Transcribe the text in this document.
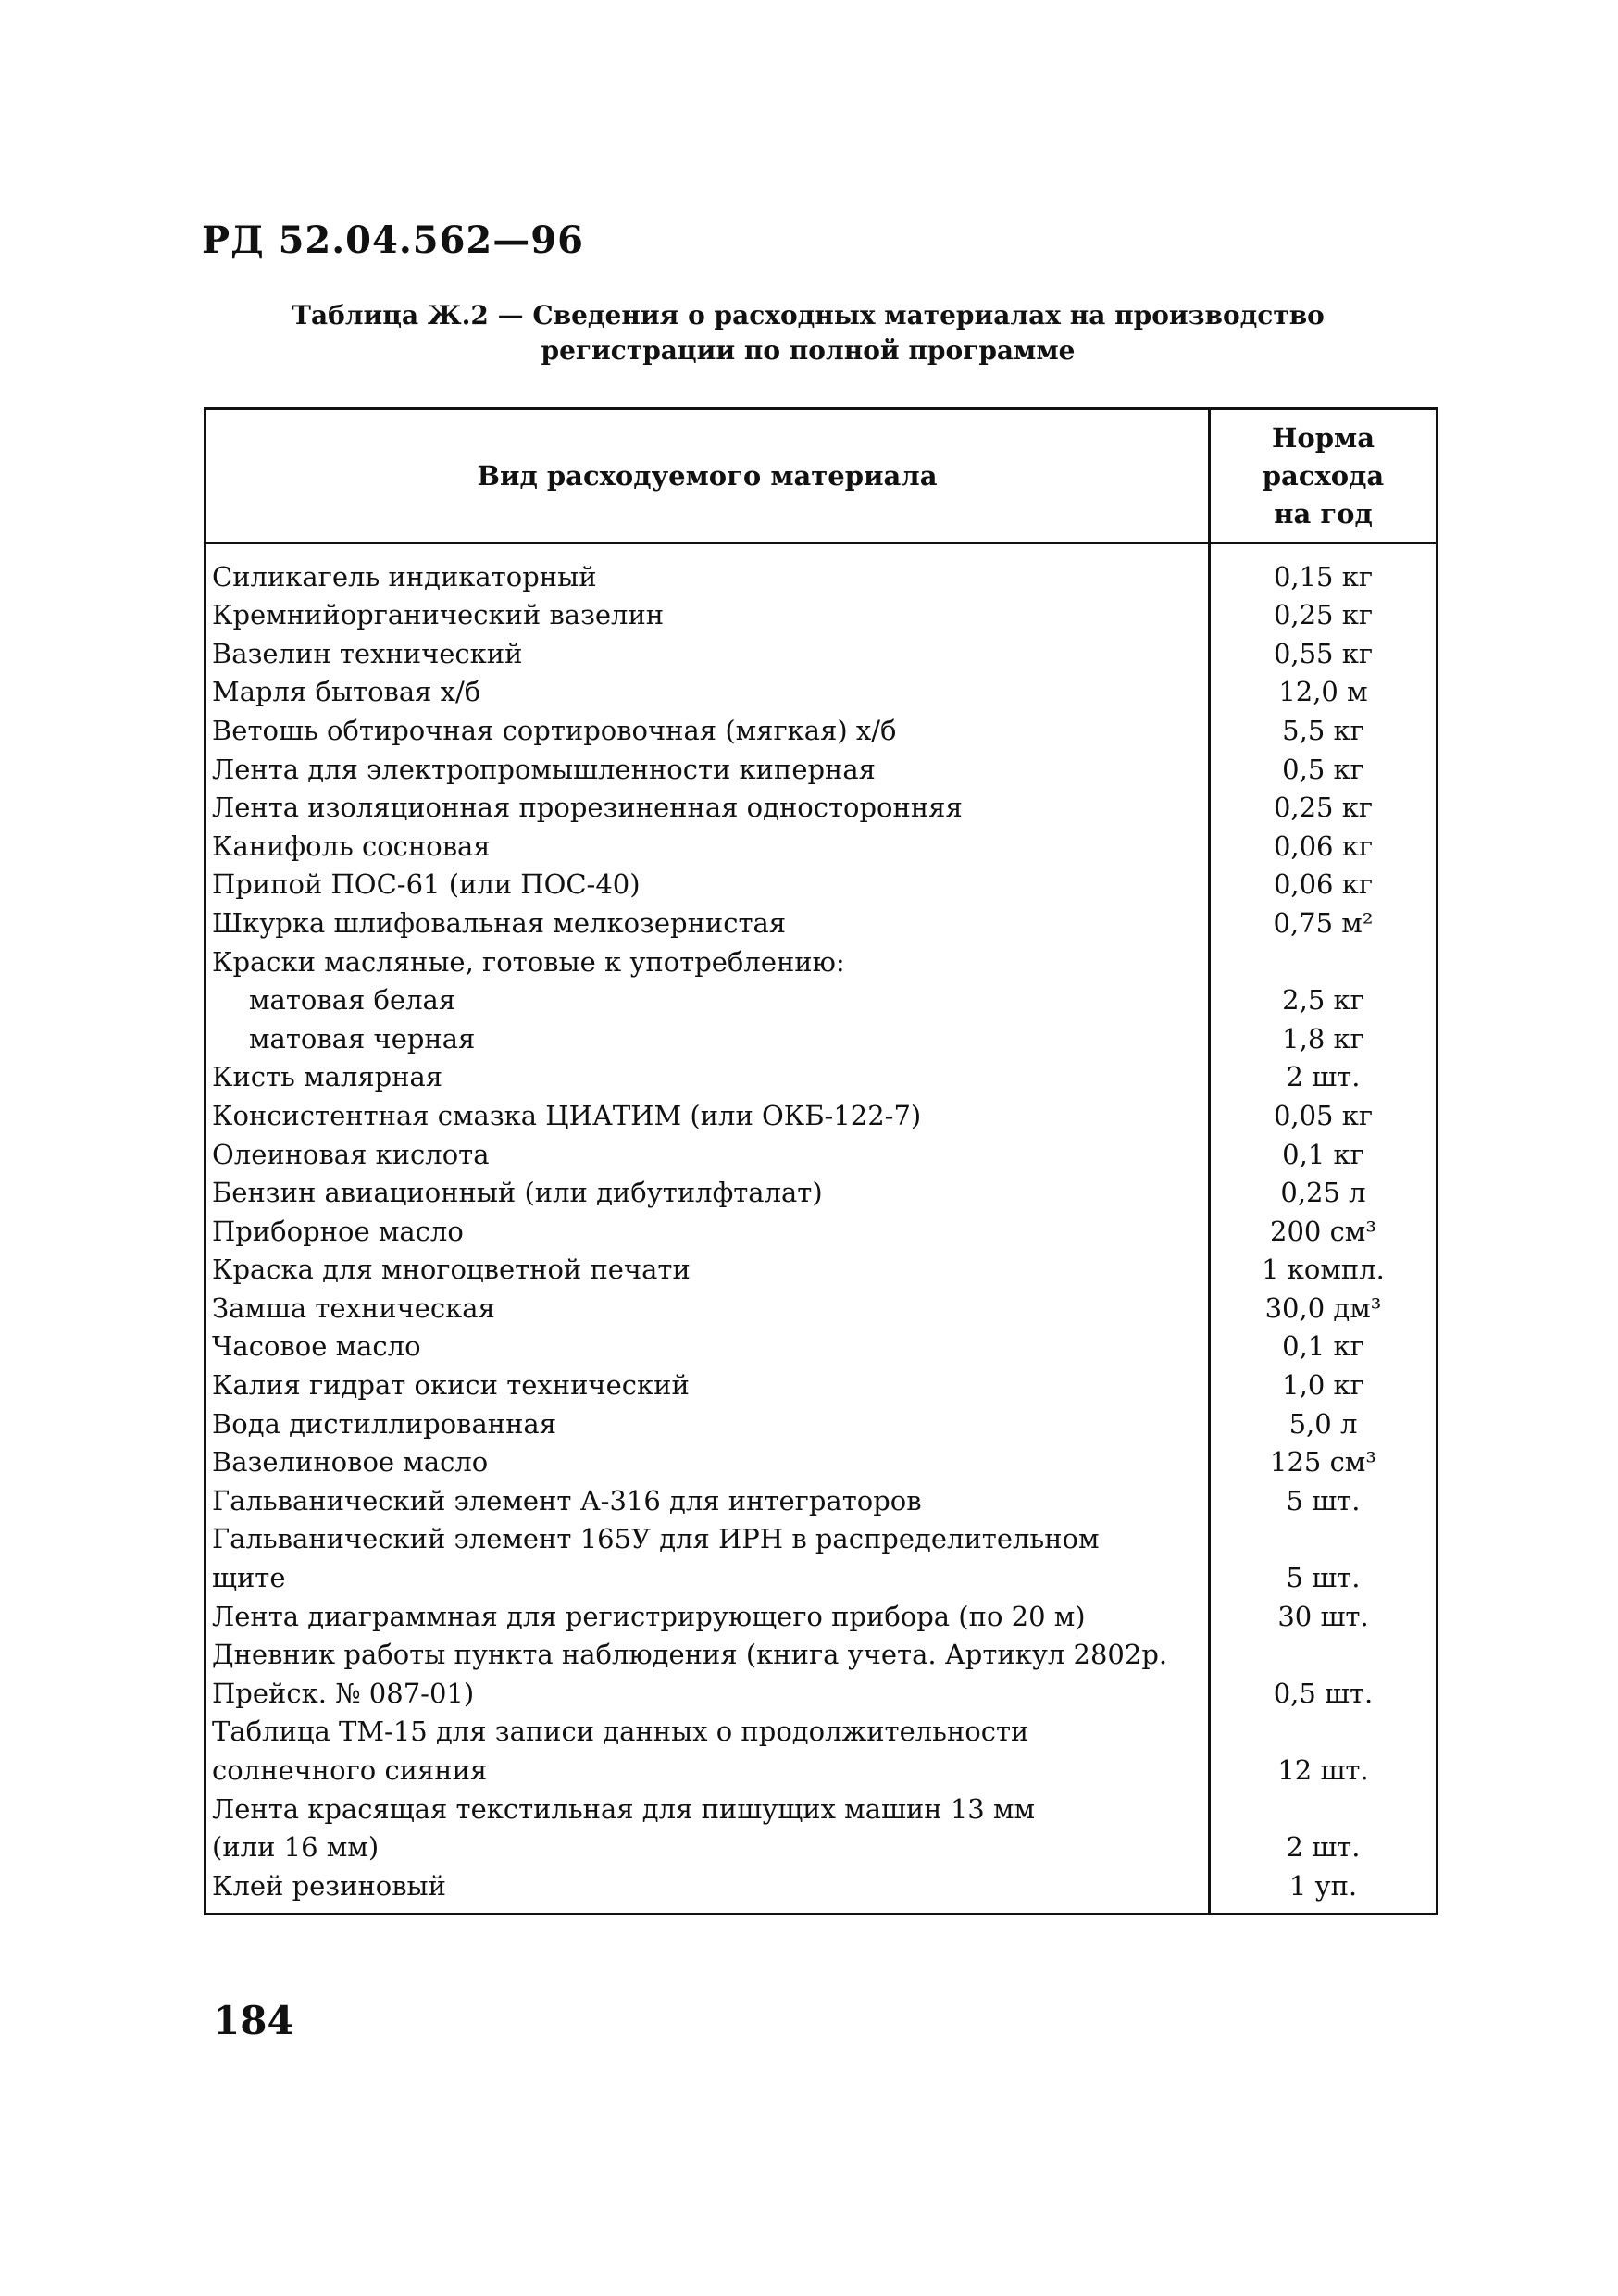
РД 52.04.562—96
Таблица Ж.2 — Сведения о расходных материалах на производство
регистрации по полной программе
Вид расходуемого материала	Норма
расхода
на год

Силикагель индикаторный	0,15 кг
Кремнийорганический вазелин	0,25 кг
Вазелин технический	0,55 кг
Марля бытовая х/б	12,0 м
Ветошь обтирочная сортировочная (мягкая) х/б	5,5 кг
Лента для электропромышленности киперная	0,5 кг
Лента изоляционная прорезиненная односторонняя	0,25 кг
Канифоль сосновая	0,06 кг
Припой ПОС-61 (или ПОС-40)	0,06 кг
Шкурка шлифовальная мелкозернистая	0,75 м²
Краски масляные, готовые к употреблению:	
матовая белая	2,5 кг
матовая черная	1,8 кг
Кисть малярная	2 шт.
Консистентная смазка ЦИАТИМ (или ОКБ-122-7)	0,05 кг
Олеиновая кислота	0,1 кг
Бензин авиационный (или дибутилфталат)	0,25 л
Приборное масло	200 см³
Краска для многоцветной печати	1 компл.
Замша техническая	30,0 дм³
Часовое масло	0,1 кг
Калия гидрат окиси технический	1,0 кг
Вода дистиллированная	5,0 л
Вазелиновое масло	125 см³
Гальванический элемент А-316 для интеграторов	5 шт.
Гальваничeский элемент 165У для ИРН в распределительном	
щите	5 шт.
Лента диаграммная для регистрирующего прибора (по 20 м)	30 шт.
Дневник работы пункта наблюдения (книга учета. Артикул 2802р.	
Прейск. № 087-01)	0,5 шт.
Таблица ТМ-15 для записи данных о продолжительности	
солнечного сияния	12 шт.
Лента красящая текстильная для пишущих машин 13 мм	
(или 16 мм)	2 шт.
Клей резиновый	1 уп.
184
